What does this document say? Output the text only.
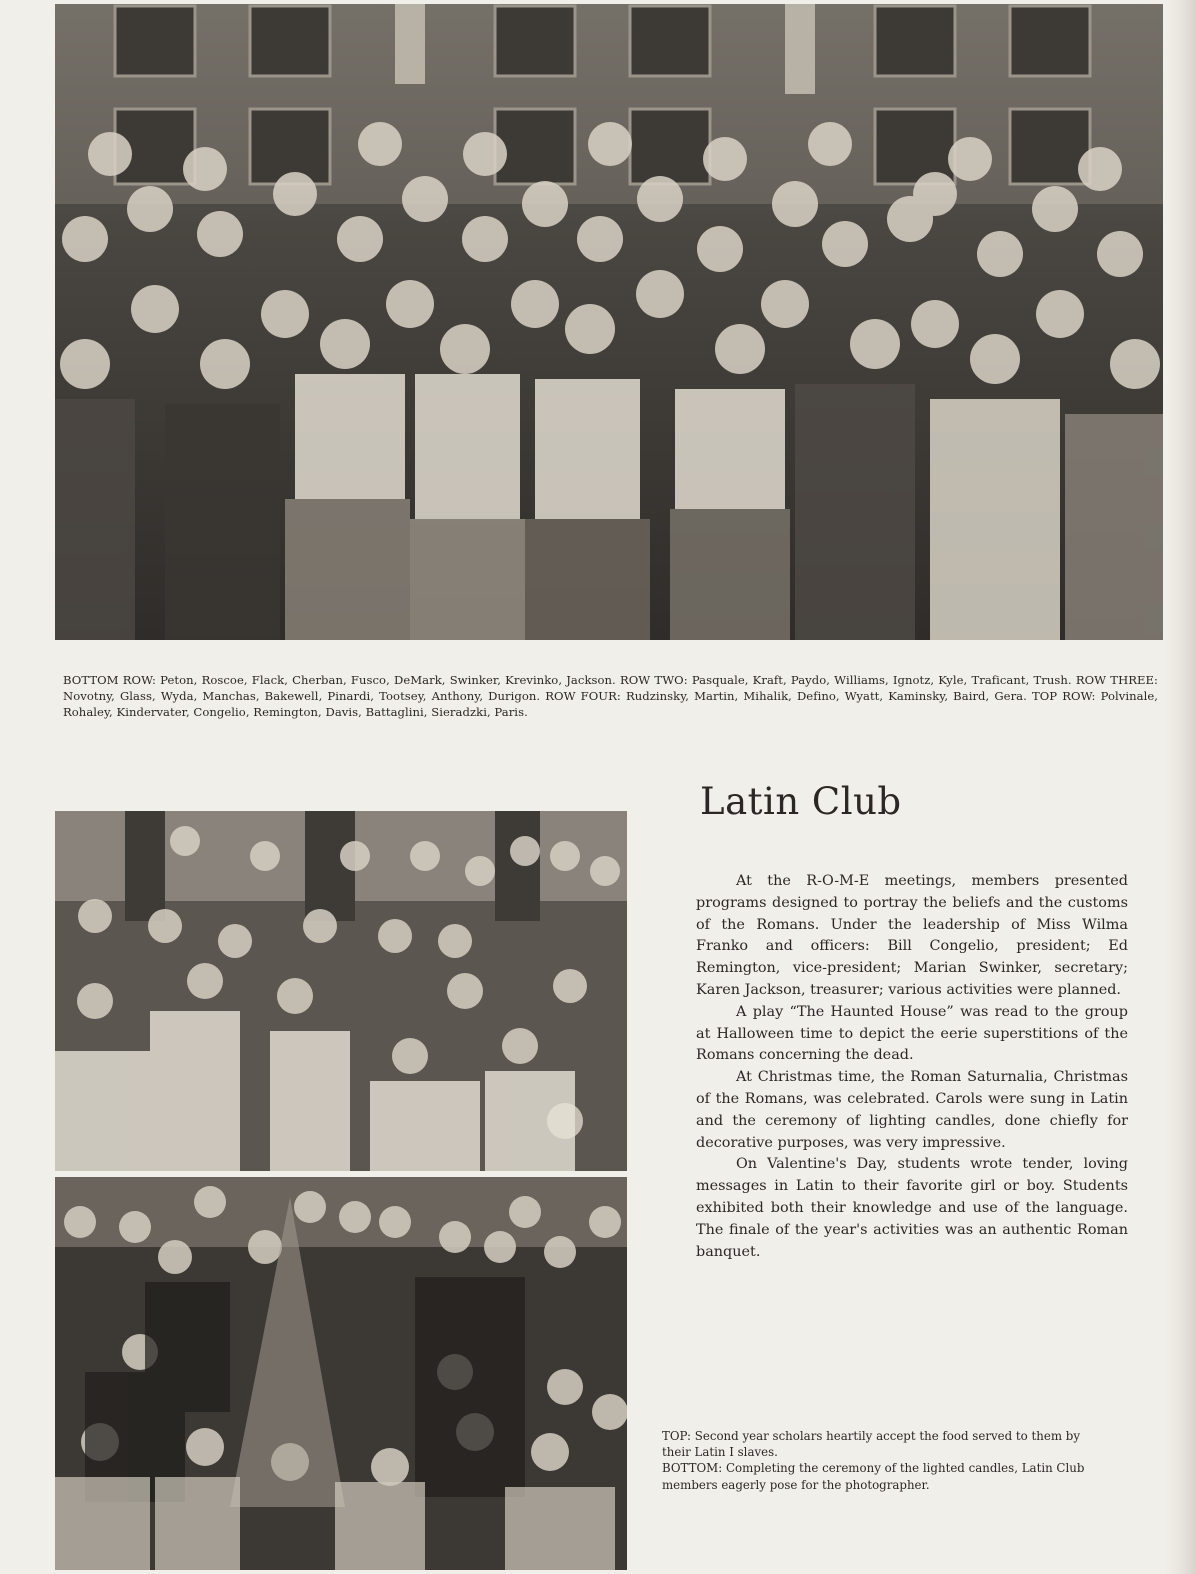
BOTTOM ROW: Peton, Roscoe, Flack, Cherban, Fusco, DeMark, Swinker, Krevinko, Jackson. ROW TWO: Pasquale, Kraft, Paydo, Williams, Ignotz, Kyle, Traficant, Trush. ROW THREE: Novotny, Glass, Wyda, Manchas, Bakewell, Pinardi, Tootsey, Anthony, Durigon. ROW FOUR: Rudzinsky, Martin, Mihalik, Defino, Wyatt, Kaminsky, Baird, Gera. TOP ROW: Polvinale, Rohaley, Kindervater, Congelio, Remington, Davis, Battaglini, Sieradzki, Paris.

Latin Club

At the R-O-M-E meetings, members presented programs designed to portray the beliefs and the customs of the Romans. Under the leadership of Miss Wilma Franko and officers: Bill Congelio, president; Ed Remington, vice-president; Marian Swinker, secretary; Karen Jackson, treasurer; various activities were planned.

A play “The Haunted House” was read to the group at Halloween time to depict the eerie superstitions of the Romans concerning the dead.

At Christmas time, the Roman Saturnalia, Christmas of the Romans, was celebrated. Carols were sung in Latin and the ceremony of lighting candles, done chiefly for decorative purposes, was very impressive.

On Valentine's Day, students wrote tender, loving messages in Latin to their favorite girl or boy. Students exhibited both their knowledge and use of the language. The finale of the year's activities was an authentic Roman banquet.

TOP: Second year scholars heartily accept the food served to them by their Latin I slaves.

BOTTOM: Completing the ceremony of the lighted candles, Latin Club members eagerly pose for the photographer.
